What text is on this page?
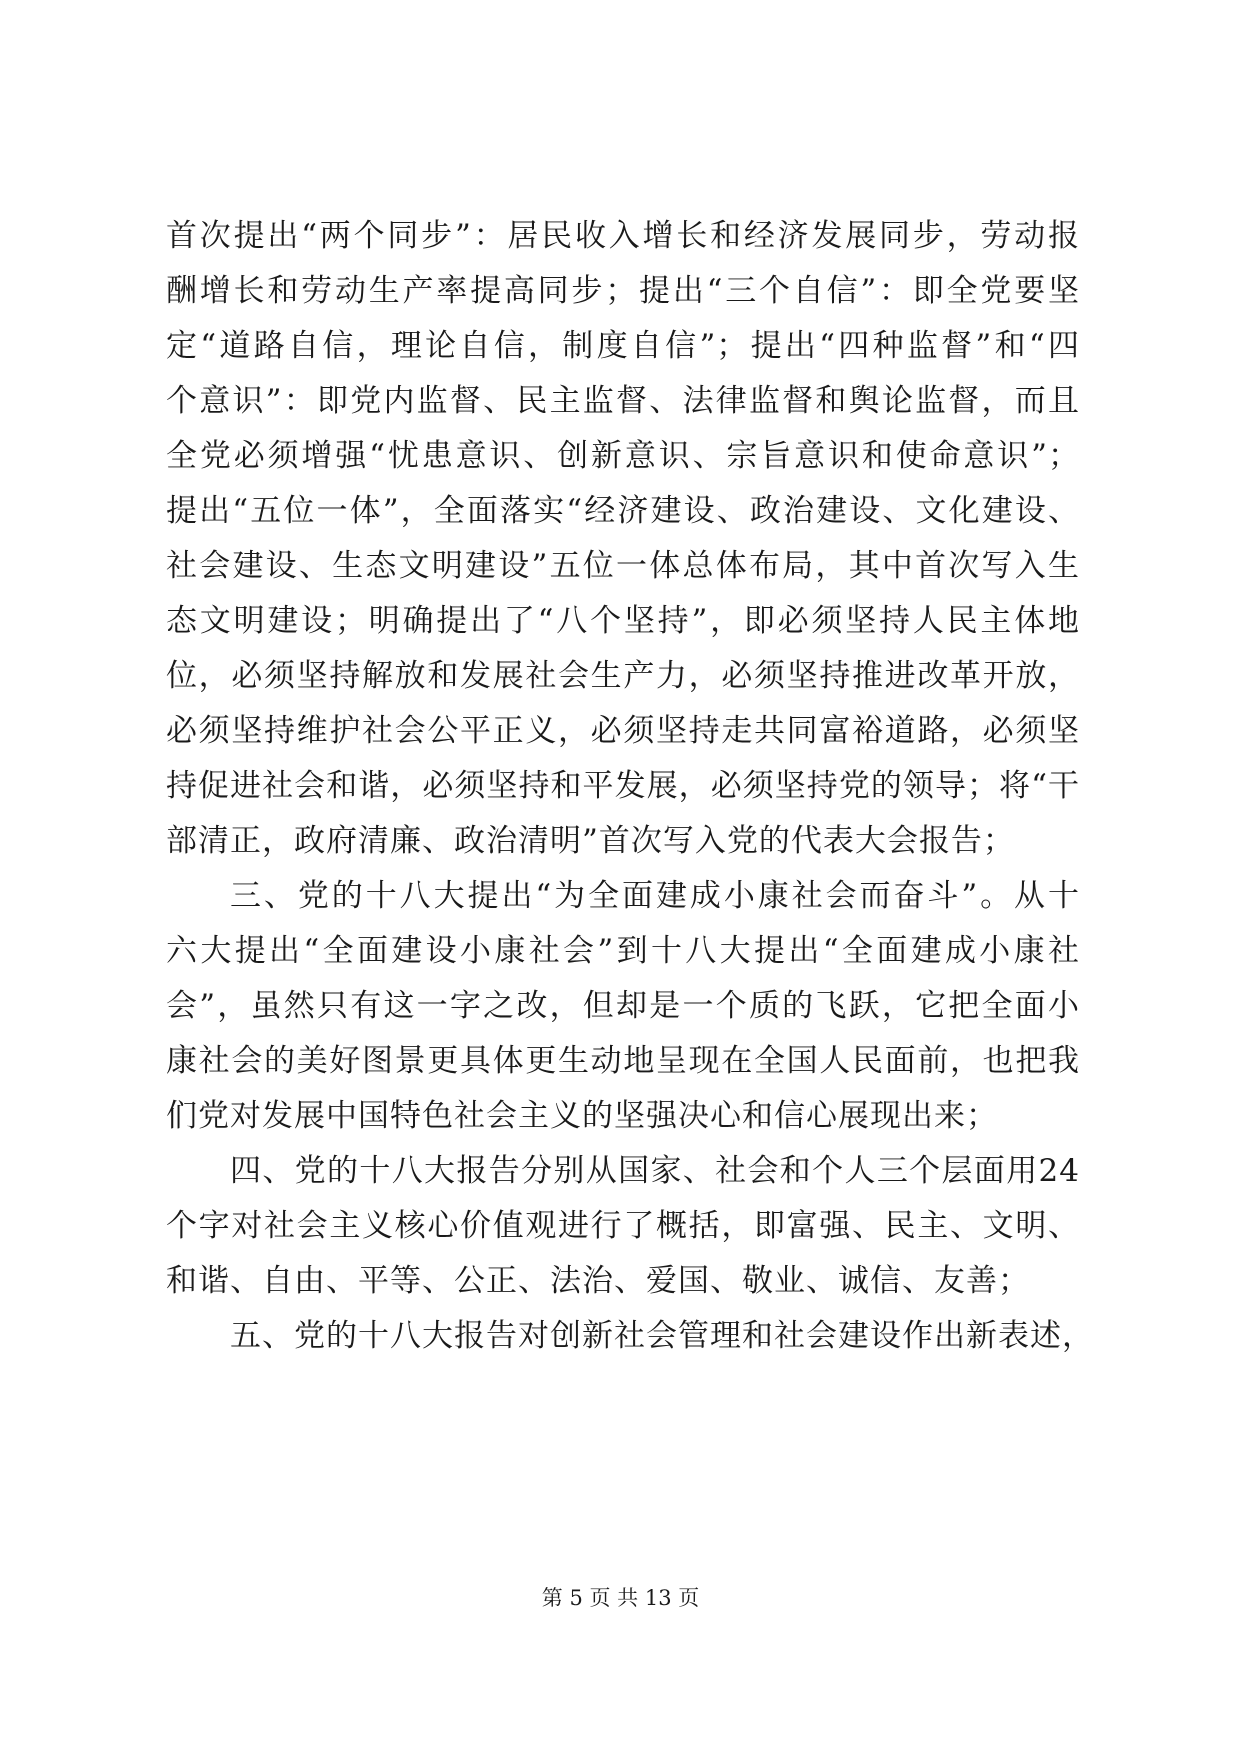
首次提出“两个同步”：居民收入增长和经济发展同步，劳动报
酬增长和劳动生产率提高同步；提出“三个自信”：即全党要坚
定“道路自信，理论自信，制度自信”；提出“四种监督”和“四
个意识”：即党内监督、民主监督、法律监督和舆论监督，而且
全党必须增强“忧患意识、创新意识、宗旨意识和使命意识”；
提出“五位一体”，全面落实“经济建设、政治建设、文化建设、
社会建设、生态文明建设”五位一体总体布局，其中首次写入生
态文明建设；明确提出了“八个坚持”，即必须坚持人民主体地
位，必须坚持解放和发展社会生产力，必须坚持推进改革开放，
必须坚持维护社会公平正义，必须坚持走共同富裕道路，必须坚
持促进社会和谐，必须坚持和平发展，必须坚持党的领导；将“干
部清正，政府清廉、政治清明”首次写入党的代表大会报告；
三、党的十八大提出“为全面建成小康社会而奋斗”。从十
六大提出“全面建设小康社会”到十八大提出“全面建成小康社
会”，虽然只有这一字之改，但却是一个质的飞跃，它把全面小
康社会的美好图景更具体更生动地呈现在全国人民面前，也把我
们党对发展中国特色社会主义的坚强决心和信心展现出来；
四、党的十八大报告分别从国家、社会和个人三个层面用24
个字对社会主义核心价值观进行了概括，即富强、民主、文明、
和谐、自由、平等、公正、法治、爱国、敬业、诚信、友善；
五、党的十八大报告对创新社会管理和社会建设作出新表述，
第 5 页 共 13 页
